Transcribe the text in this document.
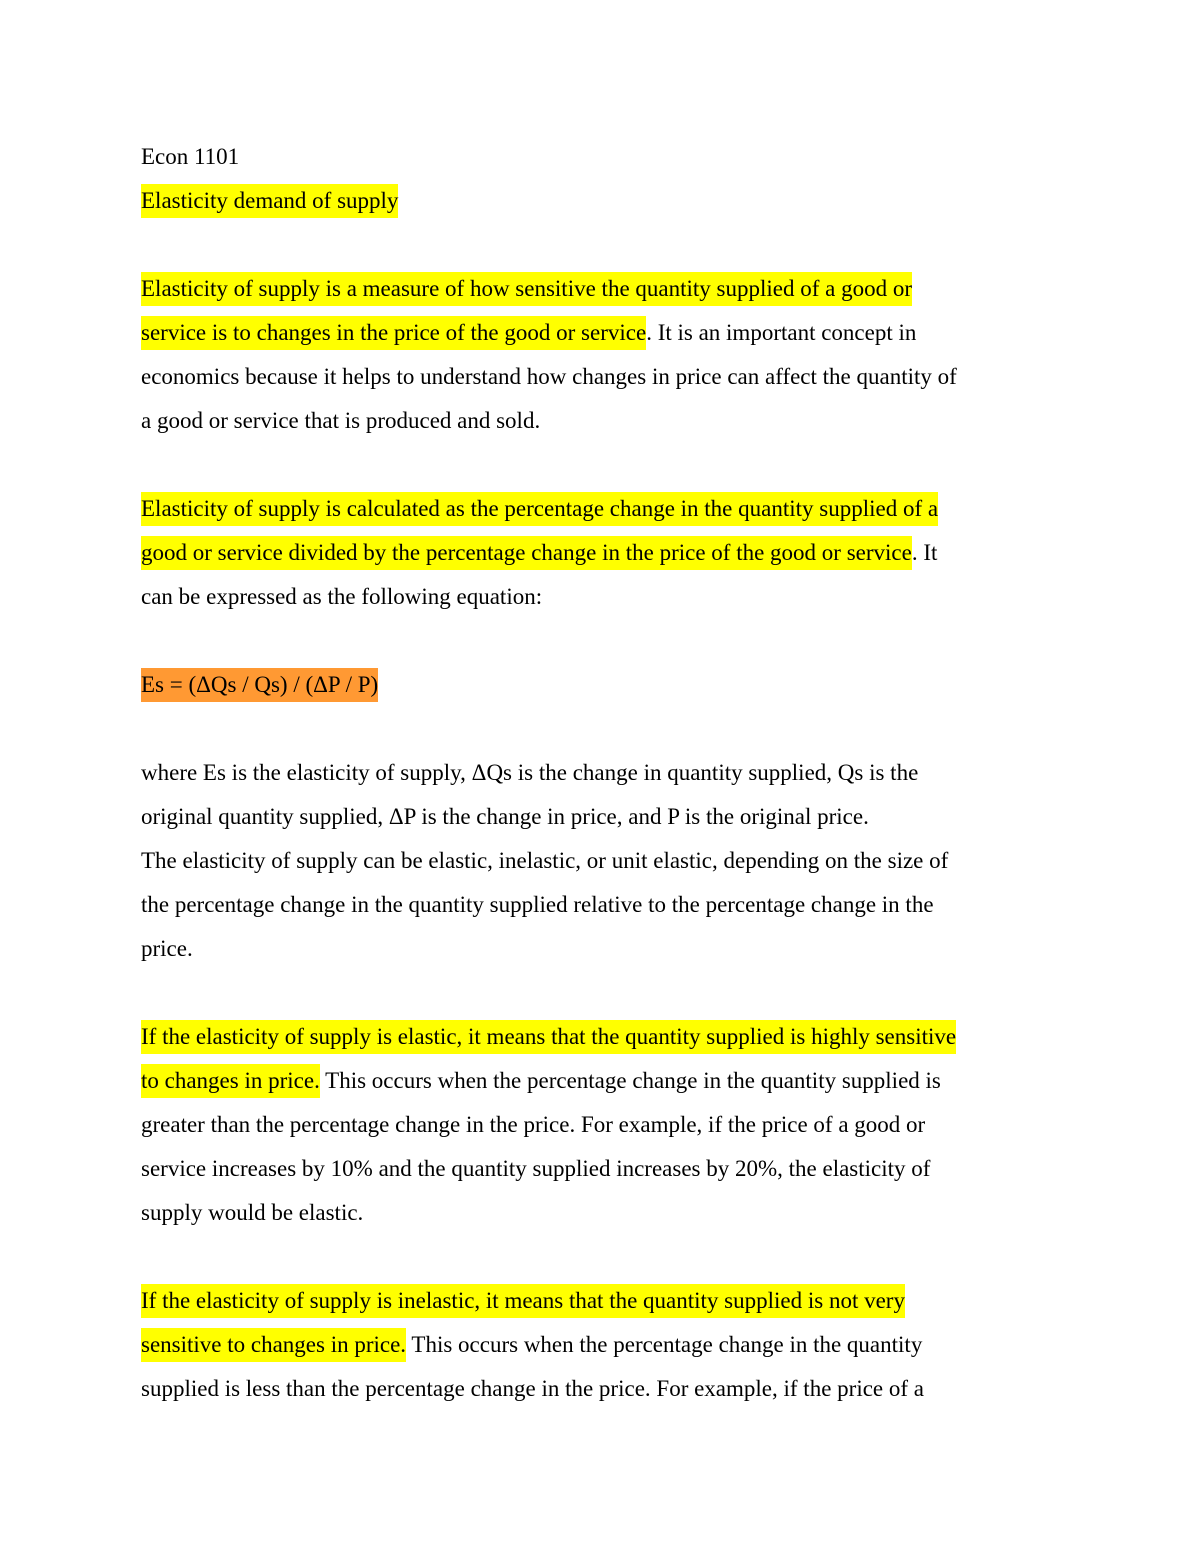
Econ 1101
Elasticity demand of supply
Elasticity of supply is a measure of how sensitive the quantity supplied of a good or
service is to changes in the price of the good or service. It is an important concept in
economics because it helps to understand how changes in price can affect the quantity of
a good or service that is produced and sold.
Elasticity of supply is calculated as the percentage change in the quantity supplied of a
good or service divided by the percentage change in the price of the good or service. It
can be expressed as the following equation:
Es = (ΔQs / Qs) / (ΔP / P)
where Es is the elasticity of supply, ΔQs is the change in quantity supplied, Qs is the
original quantity supplied, ΔP is the change in price, and P is the original price.
The elasticity of supply can be elastic, inelastic, or unit elastic, depending on the size of
the percentage change in the quantity supplied relative to the percentage change in the
price.
If the elasticity of supply is elastic, it means that the quantity supplied is highly sensitive
to changes in price. This occurs when the percentage change in the quantity supplied is
greater than the percentage change in the price. For example, if the price of a good or
service increases by 10% and the quantity supplied increases by 20%, the elasticity of
supply would be elastic.
If the elasticity of supply is inelastic, it means that the quantity supplied is not very
sensitive to changes in price. This occurs when the percentage change in the quantity
supplied is less than the percentage change in the price. For example, if the price of a
